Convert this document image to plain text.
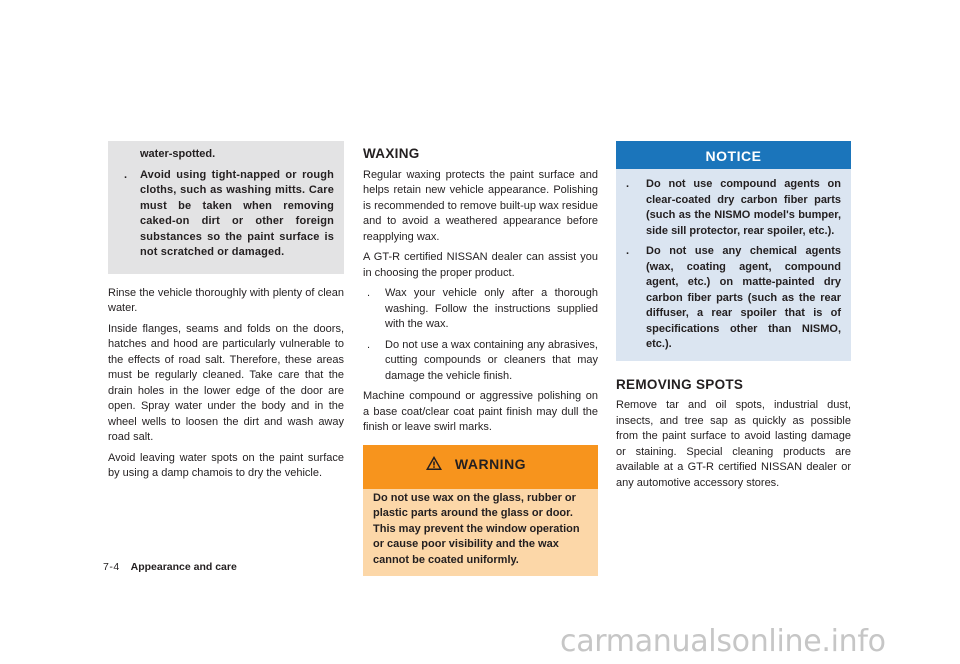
water-spotted.
.	Avoid using tight-napped or rough cloths, such as washing mitts. Care must be taken when removing caked-on dirt or other foreign substances so the paint surface is not scratched or damaged.

Rinse the vehicle thoroughly with plenty of clean water.

Inside flanges, seams and folds on the doors, hatches and hood are particularly vulnerable to the effects of road salt. Therefore, these areas must be regularly cleaned. Take care that the drain holes in the lower edge of the door are open. Spray water under the body and in the wheel wells to loosen the dirt and wash away road salt.

Avoid leaving water spots on the paint surface by using a damp chamois to dry the vehicle.

WAXING

Regular waxing protects the paint surface and helps retain new vehicle appearance. Polishing is recommended to remove built-up wax residue and to avoid a weathered appearance before reapplying wax.

A GT-R certified NISSAN dealer can assist you in choosing the proper product.

.	Wax your vehicle only after a thorough washing. Follow the instructions supplied with the wax.
.	Do not use a wax containing any abrasives, cutting compounds or cleaners that may damage the vehicle finish.

Machine compound or aggressive polishing on a base coat/clear coat paint finish may dull the finish or leave swirl marks.

WARNING
Do not use wax on the glass, rubber or plastic parts around the glass or door. This may prevent the window operation or cause poor visibility and the wax cannot be coated uniformly.
NOTICE
.	Do not use compound agents on clear-coated dry carbon fiber parts (such as the NISMO model's bumper, side sill protector, rear spoiler, etc.).
.	Do not use any chemical agents (wax, coating agent, compound agent, etc.) on matte-painted dry carbon fiber parts (such as the rear diffuser, a rear spoiler that is of specifications other than NISMO, etc.).
REMOVING SPOTS

Remove tar and oil spots, industrial dust, insects, and tree sap as quickly as possible from the paint surface to avoid lasting damage or staining. Special cleaning products are available at a GT-R certified NISSAN dealer or any automotive accessory stores.

7-4 Appearance and care
carmanualsonline.info
